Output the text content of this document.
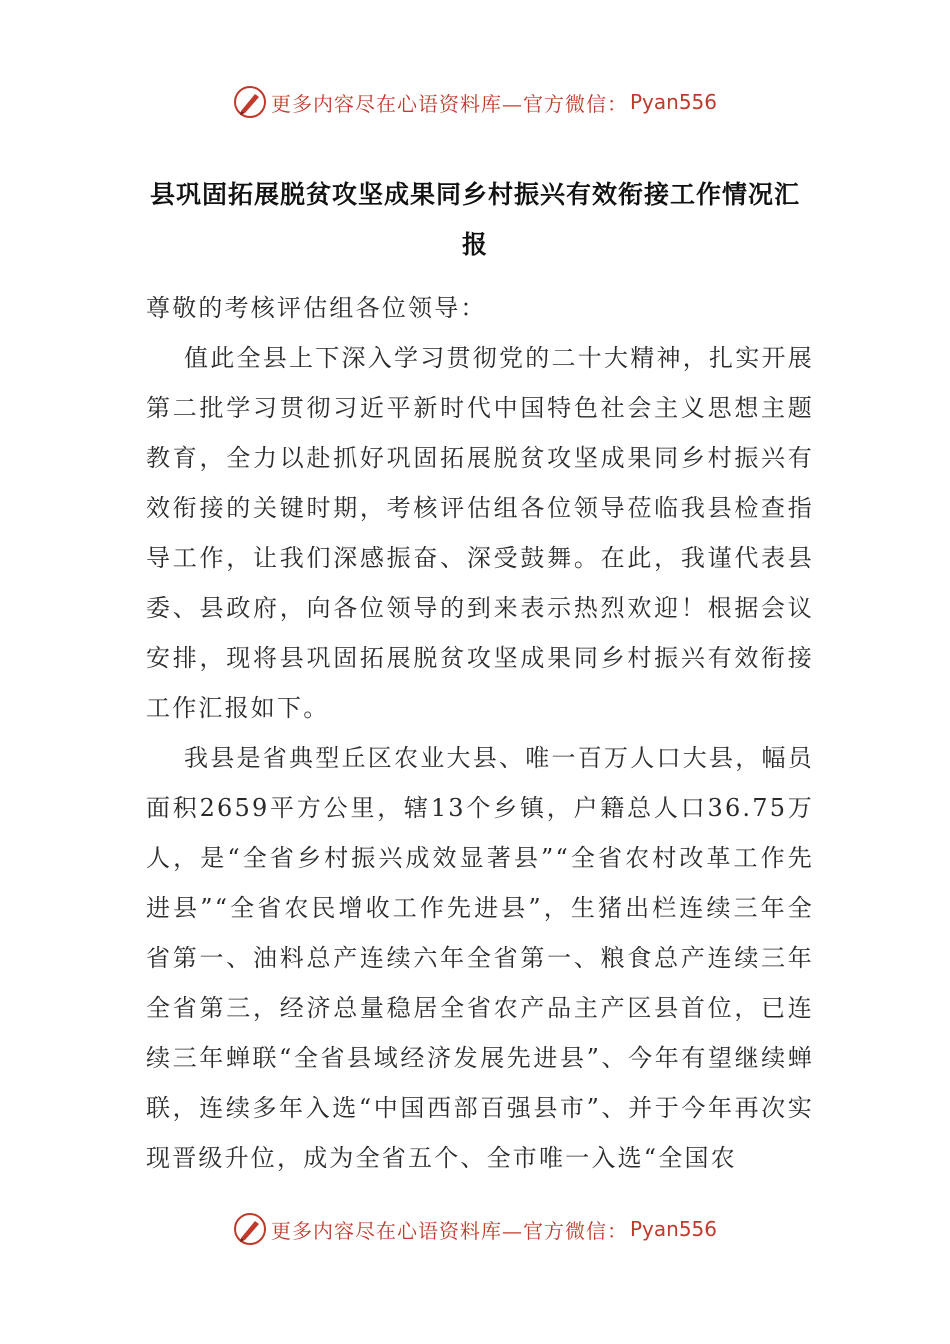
更多内容尽在心语资料库—官方微信： Pyan556
县巩固拓展脱贫攻坚成果同乡村振兴有效衔接工作情况汇报

尊敬的考核评估组各位领导：

值此全县上下深入学习贯彻党的二十大精神，扎实开展第二批学习贯彻习近平新时代中国特色社会主义思想主题教育，全力以赴抓好巩固拓展脱贫攻坚成果同乡村振兴有效衔接的关键时期，考核评估组各位领导莅临我县检查指导工作，让我们深感振奋、深受鼓舞。在此，我谨代表县委、县政府，向各位领导的到来表示热烈欢迎！根据会议安排，现将县巩固拓展脱贫攻坚成果同乡村振兴有效衔接工作汇报如下。

我县是省典型丘区农业大县、唯一百万人口大县，幅员面积2659平方公里，辖13个乡镇，户籍总人口36.75万人，是“全省乡村振兴成效显著县”“全省农村改革工作先进县”“全省农民增收工作先进县”，生猪出栏连续三年全省第一、油料总产连续六年全省第一、粮食总产连续三年全省第三，经济总量稳居全省农产品主产区县首位，已连续三年蝉联“全省县域经济发展先进县”、今年有望继续蝉联，连续多年入选“中国西部百强县市”、并于今年再次实现晋级升位，成为全省五个、全市唯一入选“全国农

更多内容尽在心语资料库—官方微信： Pyan556
